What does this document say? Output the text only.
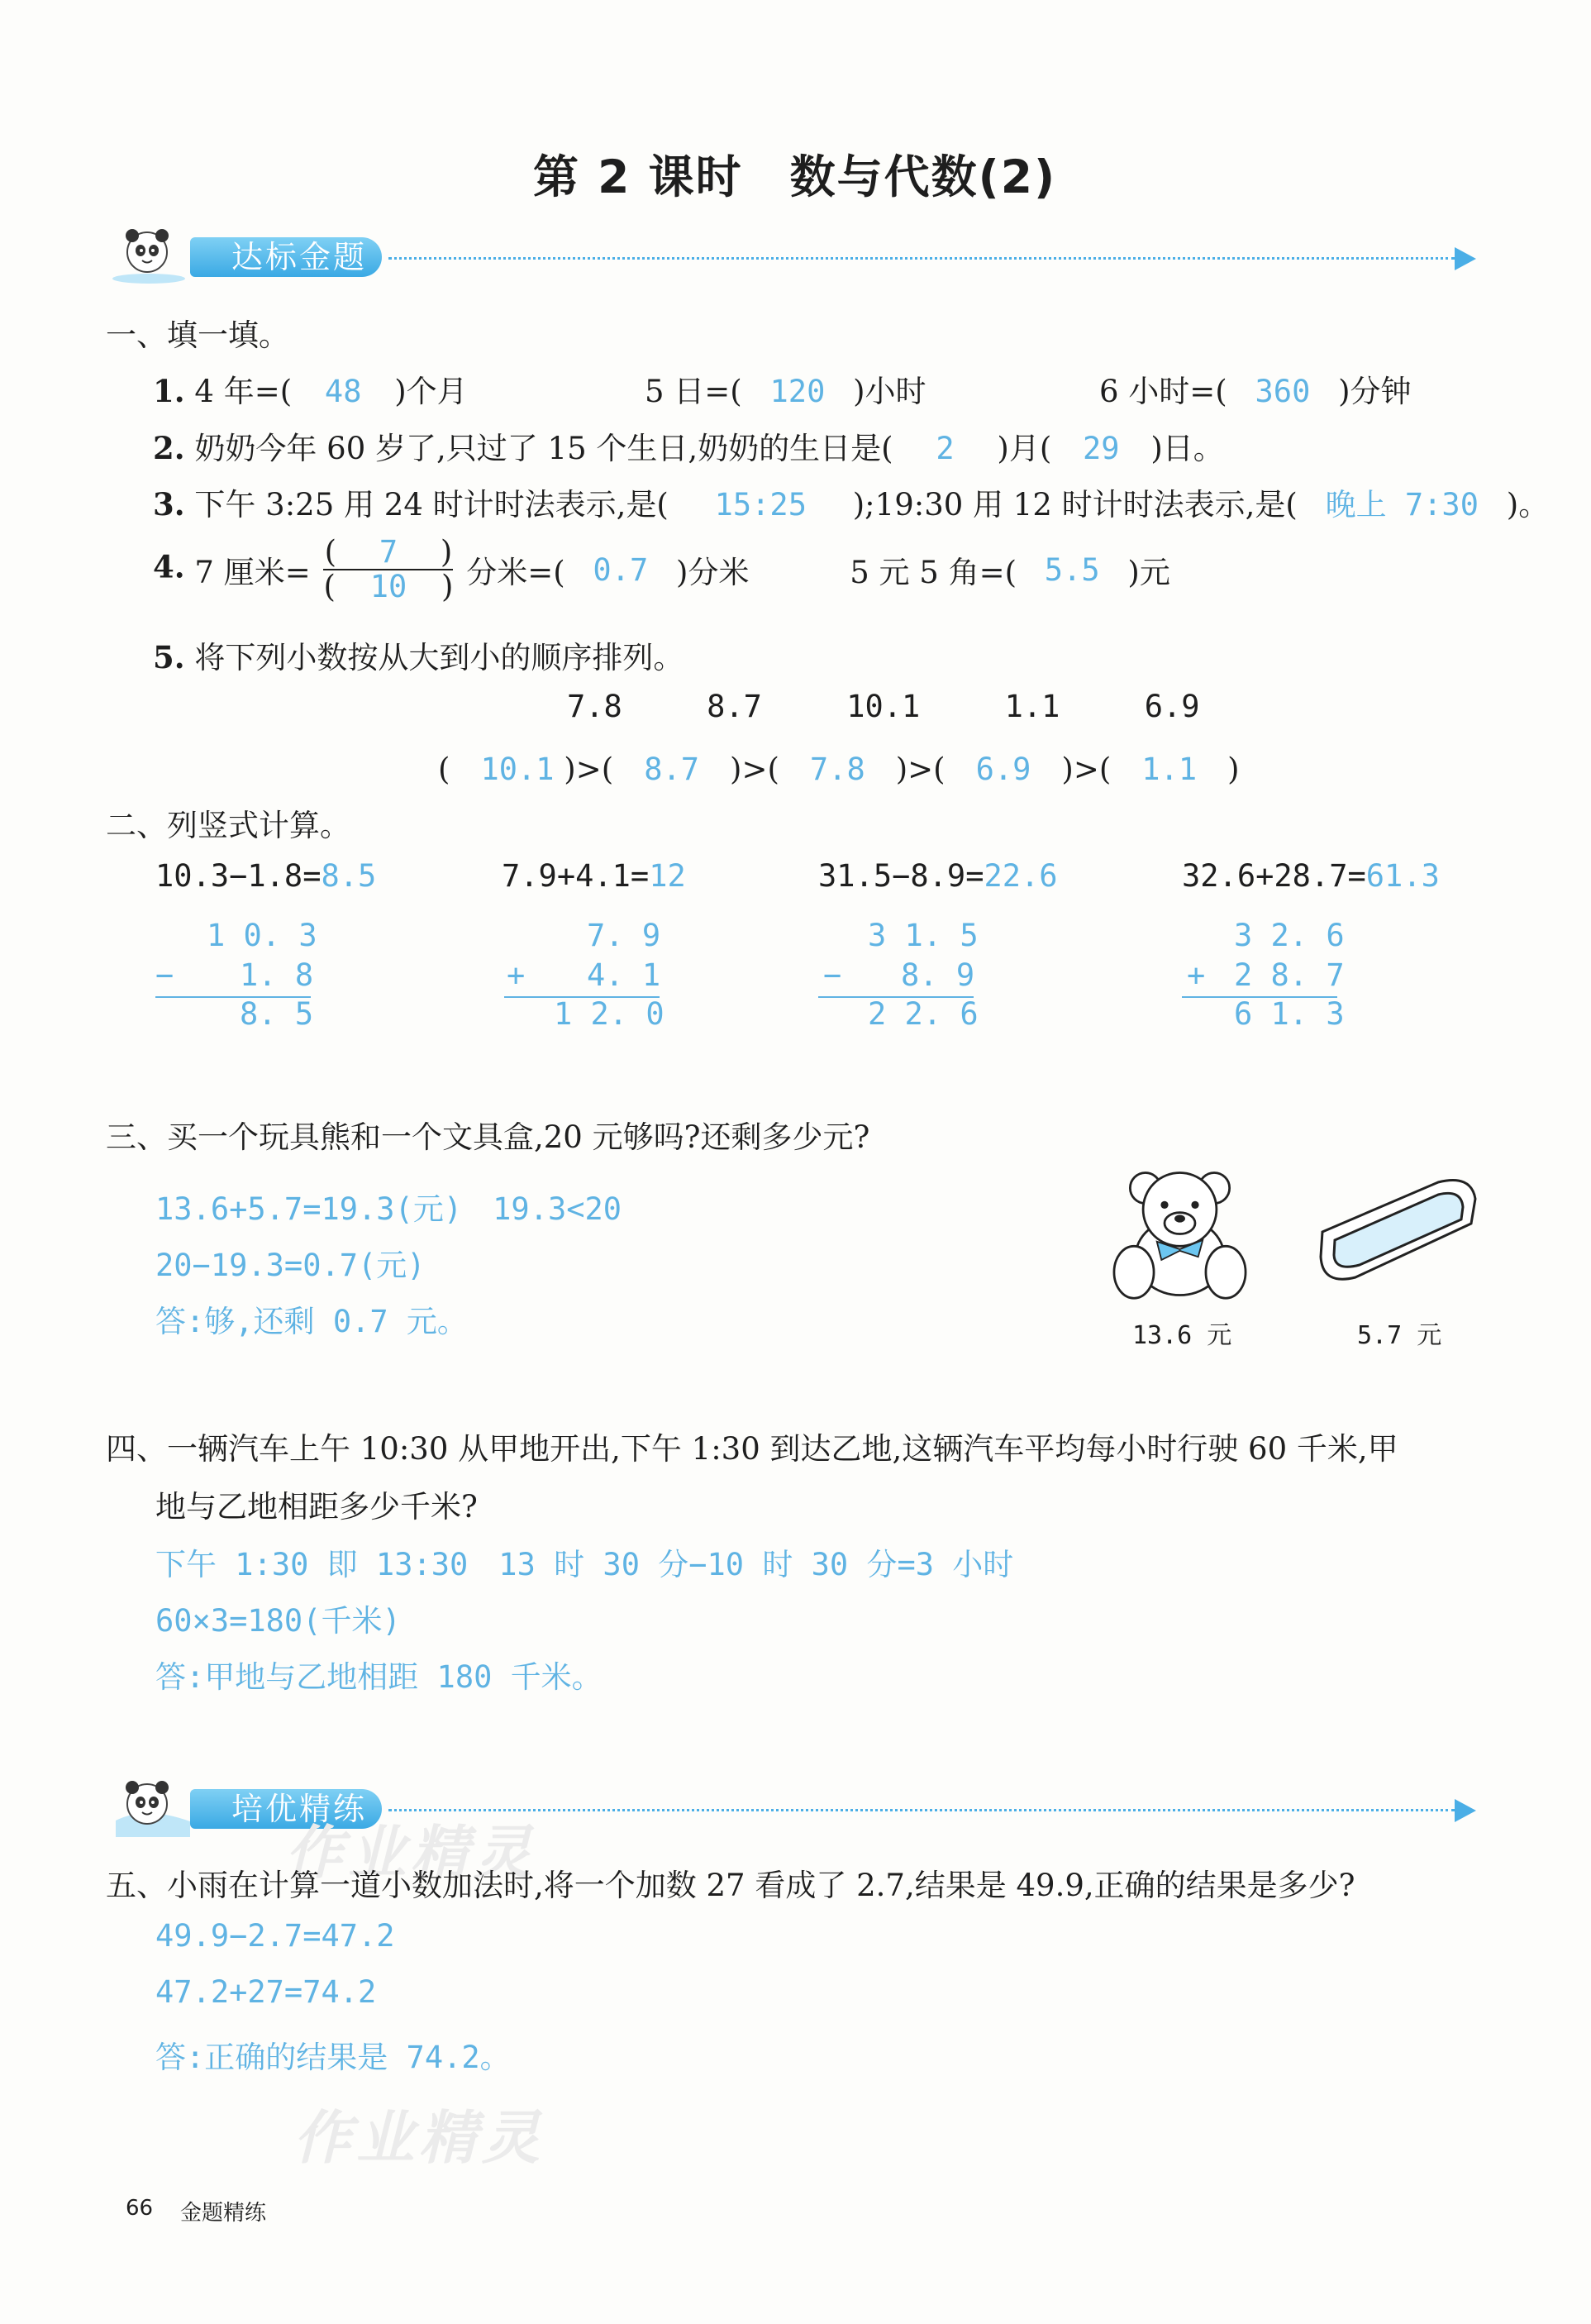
第 2 课时　数与代数(2)
达标金题
一、填一填。
1. 4 年=( 48 )个月	5 日=( 120 )小时	6 小时=( 360 )分钟
2. 奶奶今年 60 岁了,只过了 15 个生日,奶奶的生日是( 2 )月( 29 )日。
3. 下午 3:25 用 24 时计时法表示,是( 15:25 );19:30 用 12 时计时法表示,是( 晚上 7:30 )。
4. 7 厘米= $\frac{( 7 )}{( 10 )}$ 分米=( 0.7 )分米	5 元 5 角=( 5.5 )元
5. 将下列小数按从大到小的顺序排列。
7.8	8.7	10.1	1.1	6.9
(　10.1 )>(　8.7　)>(　7.8　)>(　6.9　)>(　1.1　)
二、列竖式计算。
10.3−1.8=8.5	7.9+4.1=12	31.5−8.9=22.6	32.6+28.7=61.3
1 0. 3
− 1. 8
8. 5
7. 9
+ 4. 1
1 2. 0
3 1. 5
− 8. 9
2 2. 6
3 2. 6
+ 2 8. 7
6 1. 3
三、买一个玩具熊和一个文具盒,20 元够吗?还剩多少元?
13.6+5.7=19.3(元)　19.3<20
20−19.3=0.7(元)
答:够,还剩 0.7 元。	13.6 元	5.7 元
四、一辆汽车上午 10:30 从甲地开出,下午 1:30 到达乙地,这辆汽车平均每小时行驶 60 千米,甲
地与乙地相距多少千米?
下午 1:30 即 13:30　13 时 30 分−10 时 30 分=3 小时
60×3=180(千米)
答:甲地与乙地相距 180 千米。
培优精练
作业精灵
作业精灵
五、小雨在计算一道小数加法时,将一个加数 27 看成了 2.7,结果是 49.9,正确的结果是多少?
49.9−2.7=47.2
47.2+27=74.2
答:正确的结果是 74.2。
66 金题精练
